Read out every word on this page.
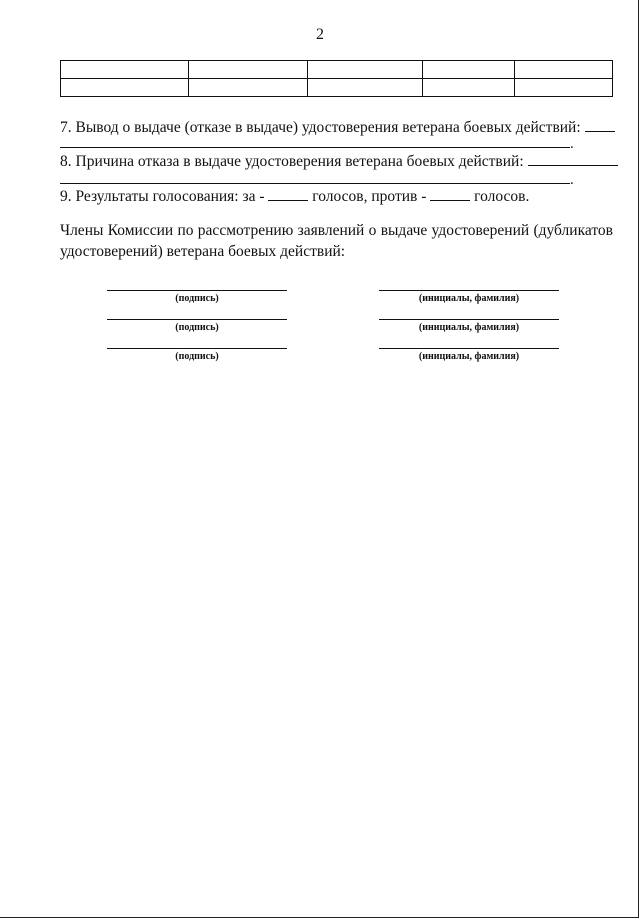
2

7. Вывод о выдаче (отказе в выдаче) удостоверения ветерана боевых действий:
.
8. Причина отказа в выдаче удостоверения ветерана боевых действий:
.
9. Результаты голосования: за -	голосов, против -	голосов.
Члены Комиссии по рассмотрению заявлений о выдаче удостоверений (дубликатов удостоверений) ветерана боевых действий:
(подпись)	(инициалы, фамилия)
(подпись)	(инициалы, фамилия)
(подпись)	(инициалы, фамилия)
